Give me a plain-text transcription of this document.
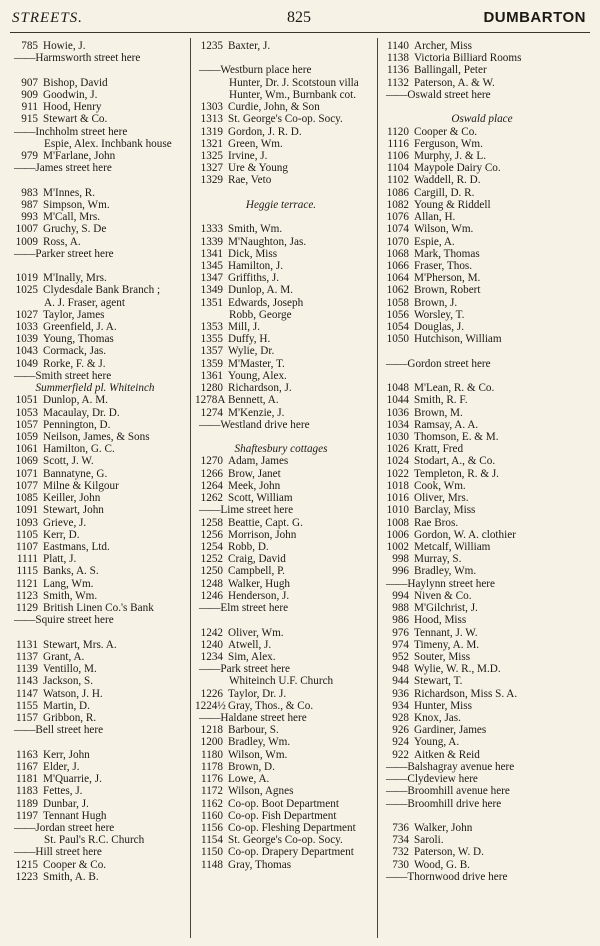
STREETS.	825	DUMBARTON
785 Howie, J.
—— Harmsworth street here
907 Bishop, David
909 Goodwin, J.
911 Hood, Henry
915 Stewart & Co.
—— Inchholm street here
Espie, Alex. Inchbank house
979 M'Farlane, John
—— James street here
983 M'Innes, R.
987 Simpson, Wm.
993 M'Call, Mrs.
1007 Gruchy, S. De
1009 Ross, A.
—— Parker street here
1019 M'Inally, Mrs.
1025 Clydesdale Bank Branch ;
A. J. Fraser, agent
1027 Taylor, James
1033 Greenfield, J. A.
1039 Young, Thomas
1043 Cormack, Jas.
1049 Rorke, F. & J.
—— Smith street here
Summerfield pl. Whiteinch
1051 Dunlop, A. M.
1053 Macaulay, Dr. D.
1057 Pennington, D.
1059 Neilson, James, & Sons
1061 Hamilton, G. C.
1069 Scott, J. W.
1071 Bannatyne, G.
1077 Milne & Kilgour
1085 Keiller, John
1091 Stewart, John
1093 Grieve, J.
1105 Kerr, D.
1107 Eastmans, Ltd.
1111 Platt, J.
1115 Banks, A. S.
1121 Lang, Wm.
1123 Smith, Wm.
1129 British Linen Co.'s Bank
—— Squire street here
1131 Stewart, Mrs. A.
1137 Grant, A.
1139 Ventillo, M.
1143 Jackson, S.
1147 Watson, J. H.
1155 Martin, D.
1157 Gribbon, R.
—— Bell street here
1163 Kerr, John
1167 Elder, J.
1181 M'Quarrie, J.
1183 Fettes, J.
1189 Dunbar, J.
1197 Tennant Hugh
—— Jordan street here
St. Paul's R.C. Church
—— Hill street here
1215 Cooper & Co.
1223 Smith, A. B.
1235 Baxter, J.
—— Westburn place here
Hunter, Dr. J. Scotstoun villa
Hunter, Wm., Burnbank cot.
1303 Curdie, John, & Son
1313 St. George's Co-op. Socy.
1319 Gordon, J. R. D.
1321 Green, Wm.
1325 Irvine, J.
1327 Ure & Young
1329 Rae, Veto
Heggie terrace.
1333 Smith, Wm.
1339 M'Naughton, Jas.
1341 Dick, Miss
1345 Hamilton, J.
1347 Griffiths, J.
1349 Dunlop, A. M.
1351 Edwards, Joseph
Robb, George
1353 Mill, J.
1355 Duffy, H.
1357 Wylie, Dr.
1359 M'Master, T.
1361 Young, Alex.
1280 Richardson, J.
1278A Bennett, A.
1274 M'Kenzie, J.
—— Westland drive here
Shaftesbury cottages
1270 Adam, James
1266 Brow, Janet
1264 Meek, John
1262 Scott, William
—— Lime street here
1258 Beattie, Capt. G.
1256 Morrison, John
1254 Robb, D.
1252 Craig, David
1250 Campbell, P.
1248 Walker, Hugh
1246 Henderson, J.
—— Elm street here
1242 Oliver, Wm.
1240 Atwell, J.
1234 Sim, Alex.
—— Park street here
Whiteinch U.F. Church
1226 Taylor, Dr. J.
1224½ Gray, Thos., & Co.
—— Haldane street here
1218 Barbour, S.
1200 Bradley, Wm.
1180 Wilson, Wm.
1178 Brown, D.
1176 Lowe, A.
1172 Wilson, Agnes
1162 Co-op. Boot Department
1160 Co-op. Fish Department
1156 Co-op. Fleshing Department
1154 St. George's Co-op. Socy.
1150 Co-op. Drapery Department
1148 Gray, Thomas
1140 Archer, Miss
1138 Victoria Billiard Rooms
1136 Ballingall, Peter
1132 Paterson, A. & W.
—— Oswald street here
Oswald place
1120 Cooper & Co.
1116 Ferguson, Wm.
1106 Murphy, J. & L.
1104 Maypole Dairy Co.
1102 Waddell, R. D.
1086 Cargill, D. R.
1082 Young & Riddell
1076 Allan, H.
1074 Wilson, Wm.
1070 Espie, A.
1068 Mark, Thomas
1066 Fraser, Thos.
1064 M'Pherson, M.
1062 Brown, Robert
1058 Brown, J.
1056 Worsley, T.
1054 Douglas, J.
1050 Hutchison, William
—— Gordon street here
1048 M'Lean, R. & Co.
1044 Smith, R. F.
1036 Brown, M.
1034 Ramsay, A. A.
1030 Thomson, E. & M.
1026 Kratt, Fred
1024 Stodart, A., & Co.
1022 Templeton, R. & J.
1018 Cook, Wm.
1016 Oliver, Mrs.
1010 Barclay, Miss
1008 Rae Bros.
1006 Gordon, W. A. clothier
1002 Metcalf, William
998 Murray, S.
996 Bradley, Wm.
—— Haylynn street here
994 Niven & Co.
988 M'Gilchrist, J.
986 Hood, Miss
976 Tennant, J. W.
974 Timeny, A. M.
952 Souter, Miss
948 Wylie, W. R., M.D.
944 Stewart, T.
936 Richardson, Miss S. A.
934 Hunter, Miss
928 Knox, Jas.
926 Gardiner, James
924 Young, A.
922 Aitken & Reid
—— Balshagray avenue here
—— Clydeview here
—— Broomhill avenue here
—— Broomhill drive here
736 Walker, John
734 Saroli.
732 Paterson, W. D.
730 Wood, G. B.
—— Thornwood drive here
